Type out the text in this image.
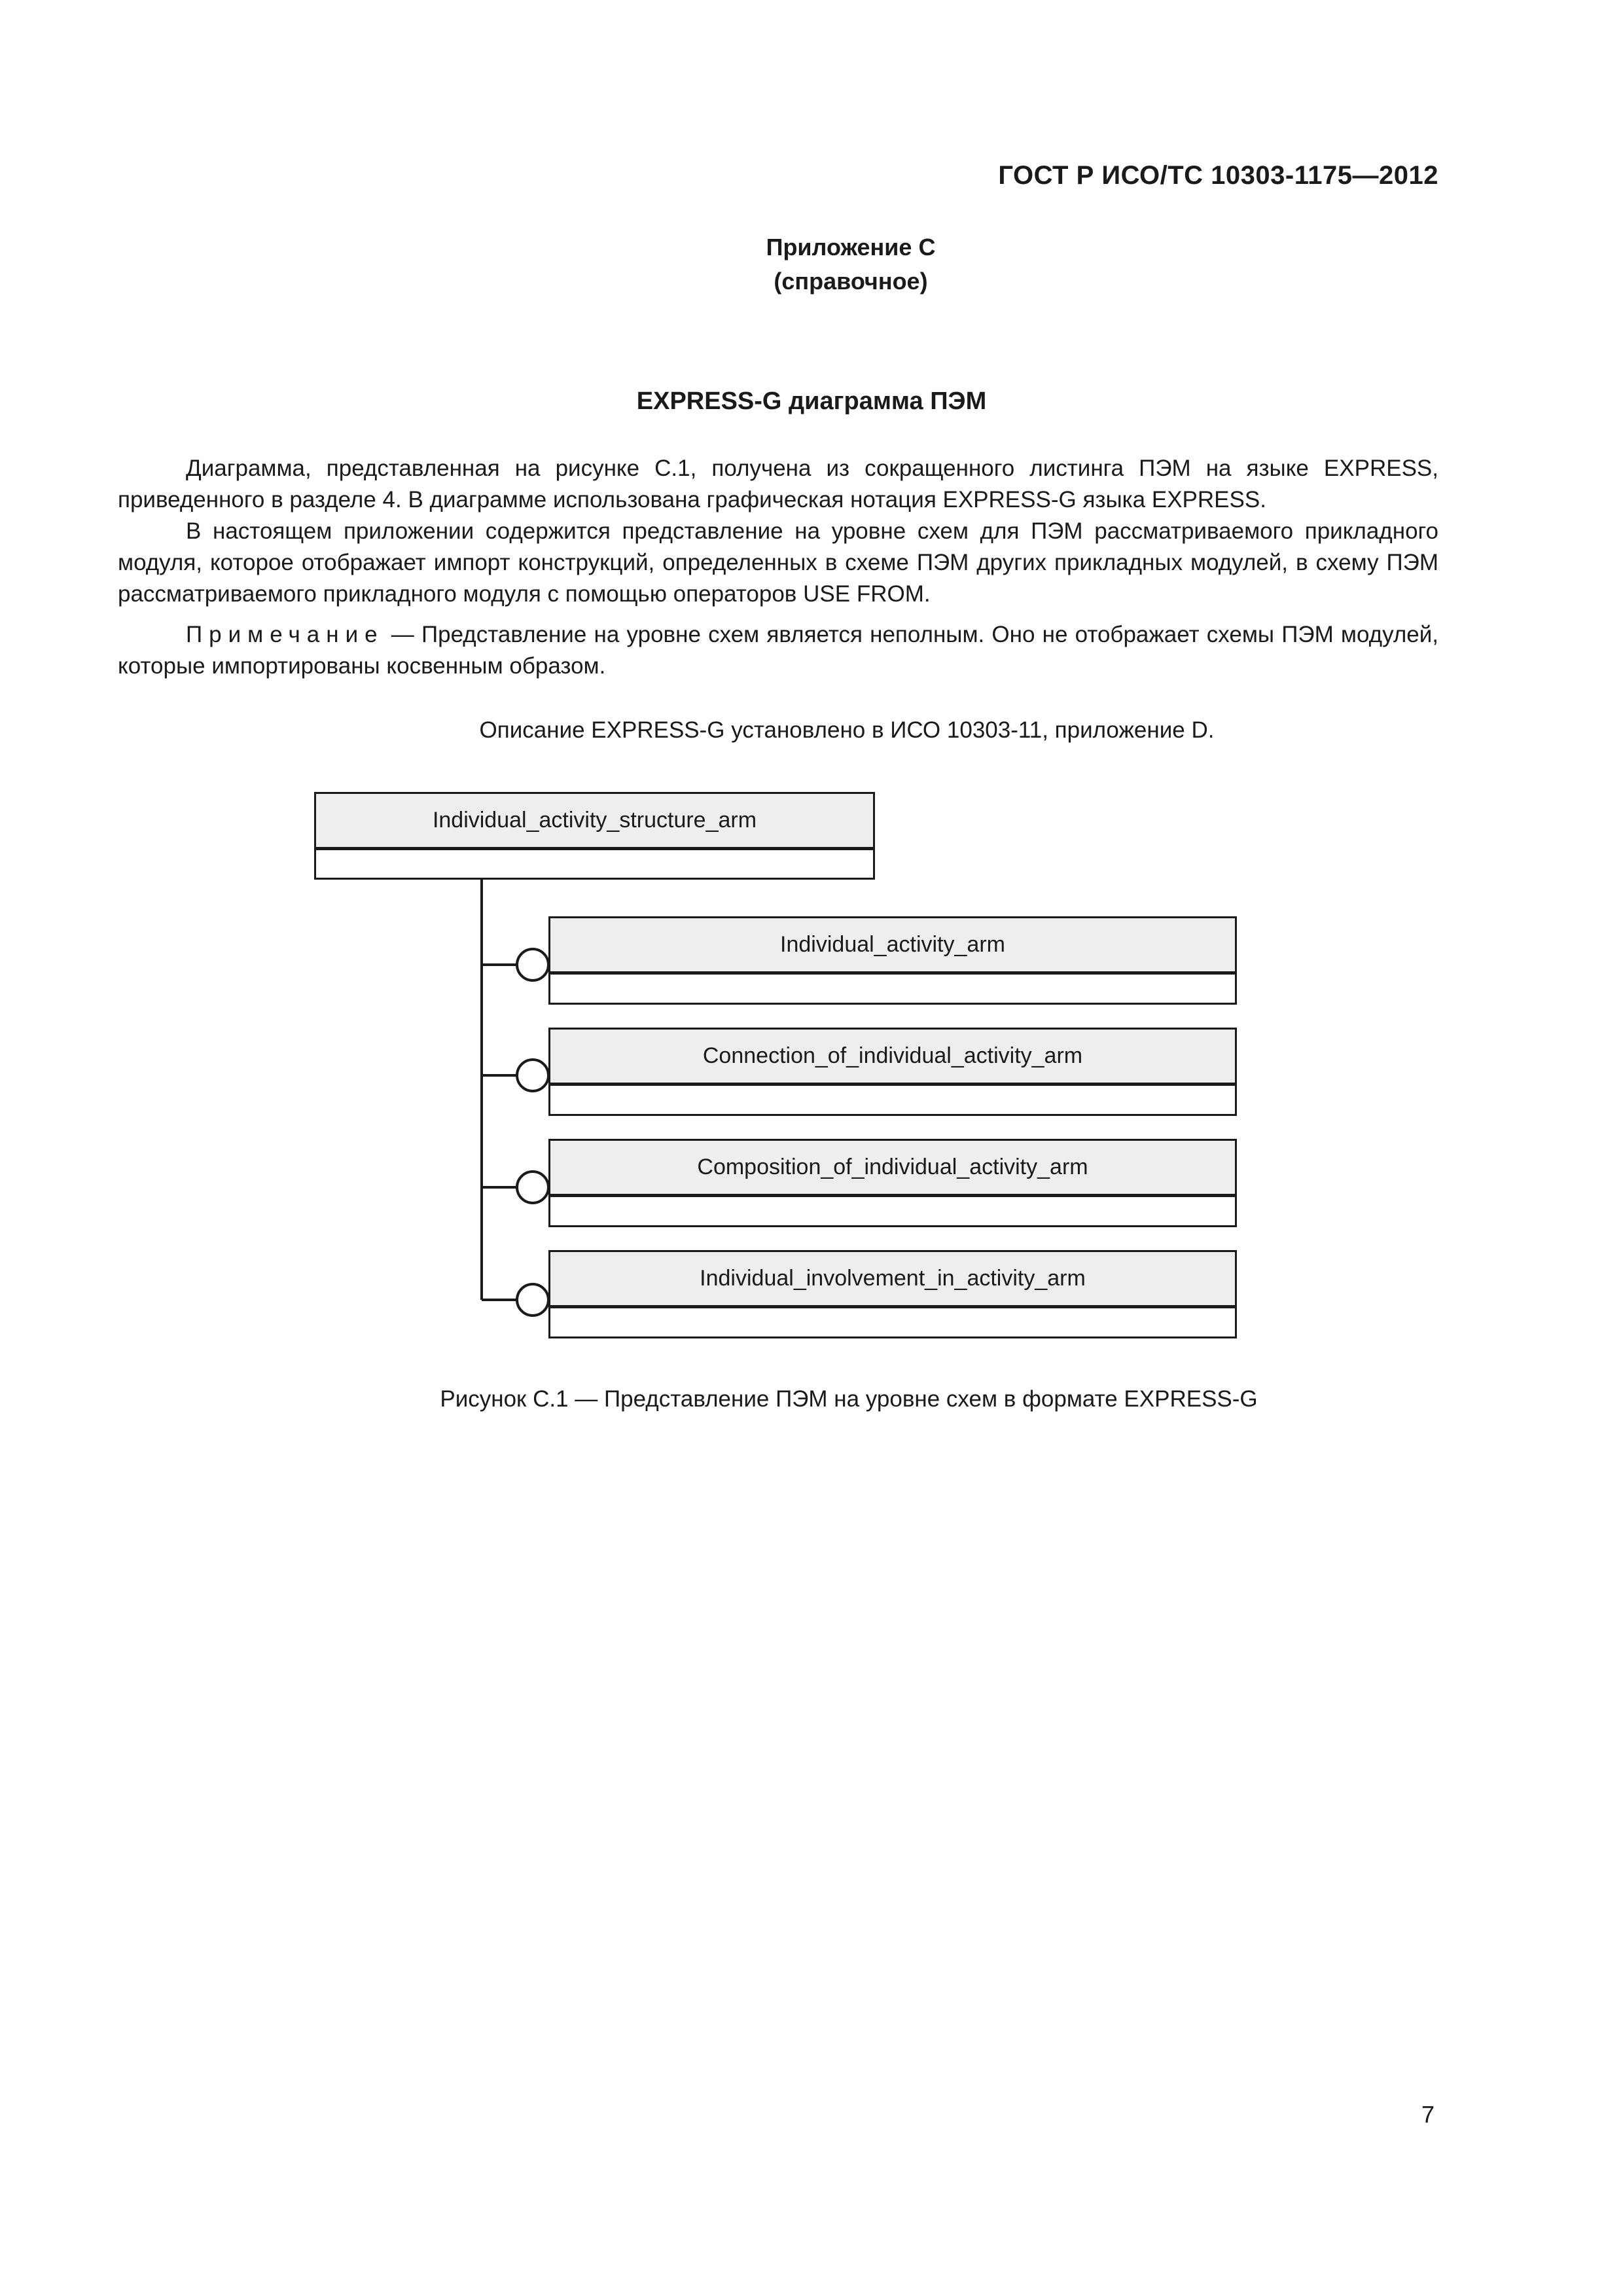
ГОСТ Р ИСО/ТС 10303-1175—2012
Приложение С
(справочное)
EXPRESS-G диаграмма ПЭМ

Диаграмма, представленная на рисунке С.1, получена из сокращенного листинга ПЭМ на языке EXPRESS, приведенного в разделе 4. В диаграмме использована графическая нотация EXPRESS-G языка EXPRESS.

В настоящем приложении содержится представление на уровне схем для ПЭМ рассматриваемого прикладного модуля, которое отображает импорт конструкций, определенных в схеме ПЭМ других прикладных модулей, в схему ПЭМ рассматриваемого прикладного модуля с помощью операторов USE FROM.

Примечание — Представление на уровне схем является неполным. Оно не отображает схемы ПЭМ модулей, которые импортированы косвенным образом.

Описание EXPRESS-G установлено в ИСО 10303-11, приложение D.
Individual_activity_structure_arm
Individual_activity_arm
Connection_of_individual_activity_arm
Composition_of_individual_activity_arm
Individual_involvement_in_activity_arm
Рисунок С.1 — Представление ПЭМ на уровне схем в формате EXPRESS-G
7
